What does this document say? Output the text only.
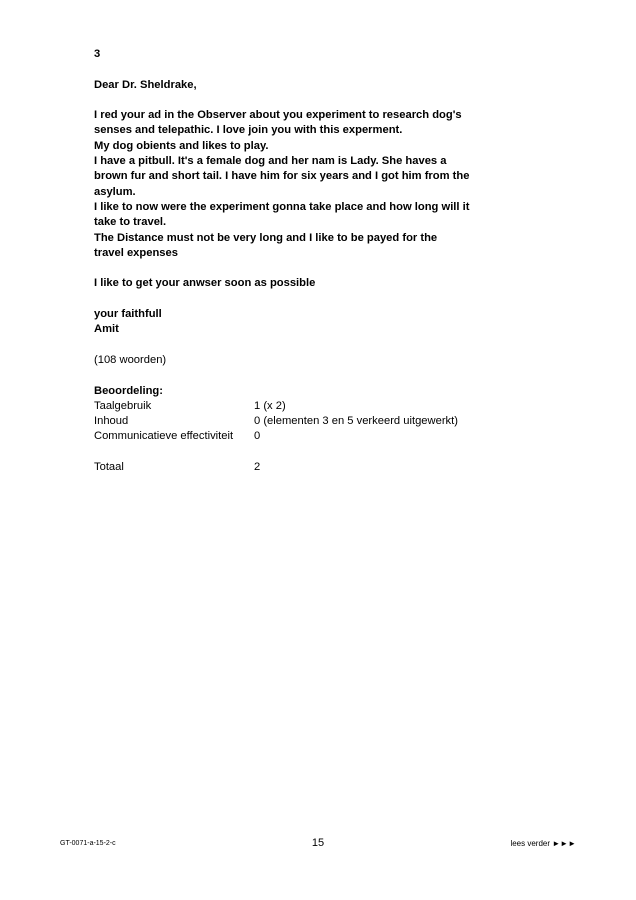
3

Dear Dr. Sheldrake,

I red your ad in the Observer about you experiment to research dog's

senses and telepathic. I love join you with this experment.

My dog obients and likes to play.

I have a pitbull. It's a female dog and her nam is Lady. She haves a

brown fur and short tail. I have him for six years and I got him from the

asylum.

I like to now were the experiment gonna take place and how long will it

take to travel.

The Distance must not be very long and I like to be payed for the

travel expenses

I like to get your anwser soon as possible

your faithfull

Amit

(108 woorden)

Beoordeling:

Taalgebruik	1 (x 2)
Inhoud	0 (elementen 3 en 5 verkeerd uitgewerkt)
Communicatieve effectiviteit	0
Totaal	2
GT-0071-a-15-2-c	15	lees verder ►►►
